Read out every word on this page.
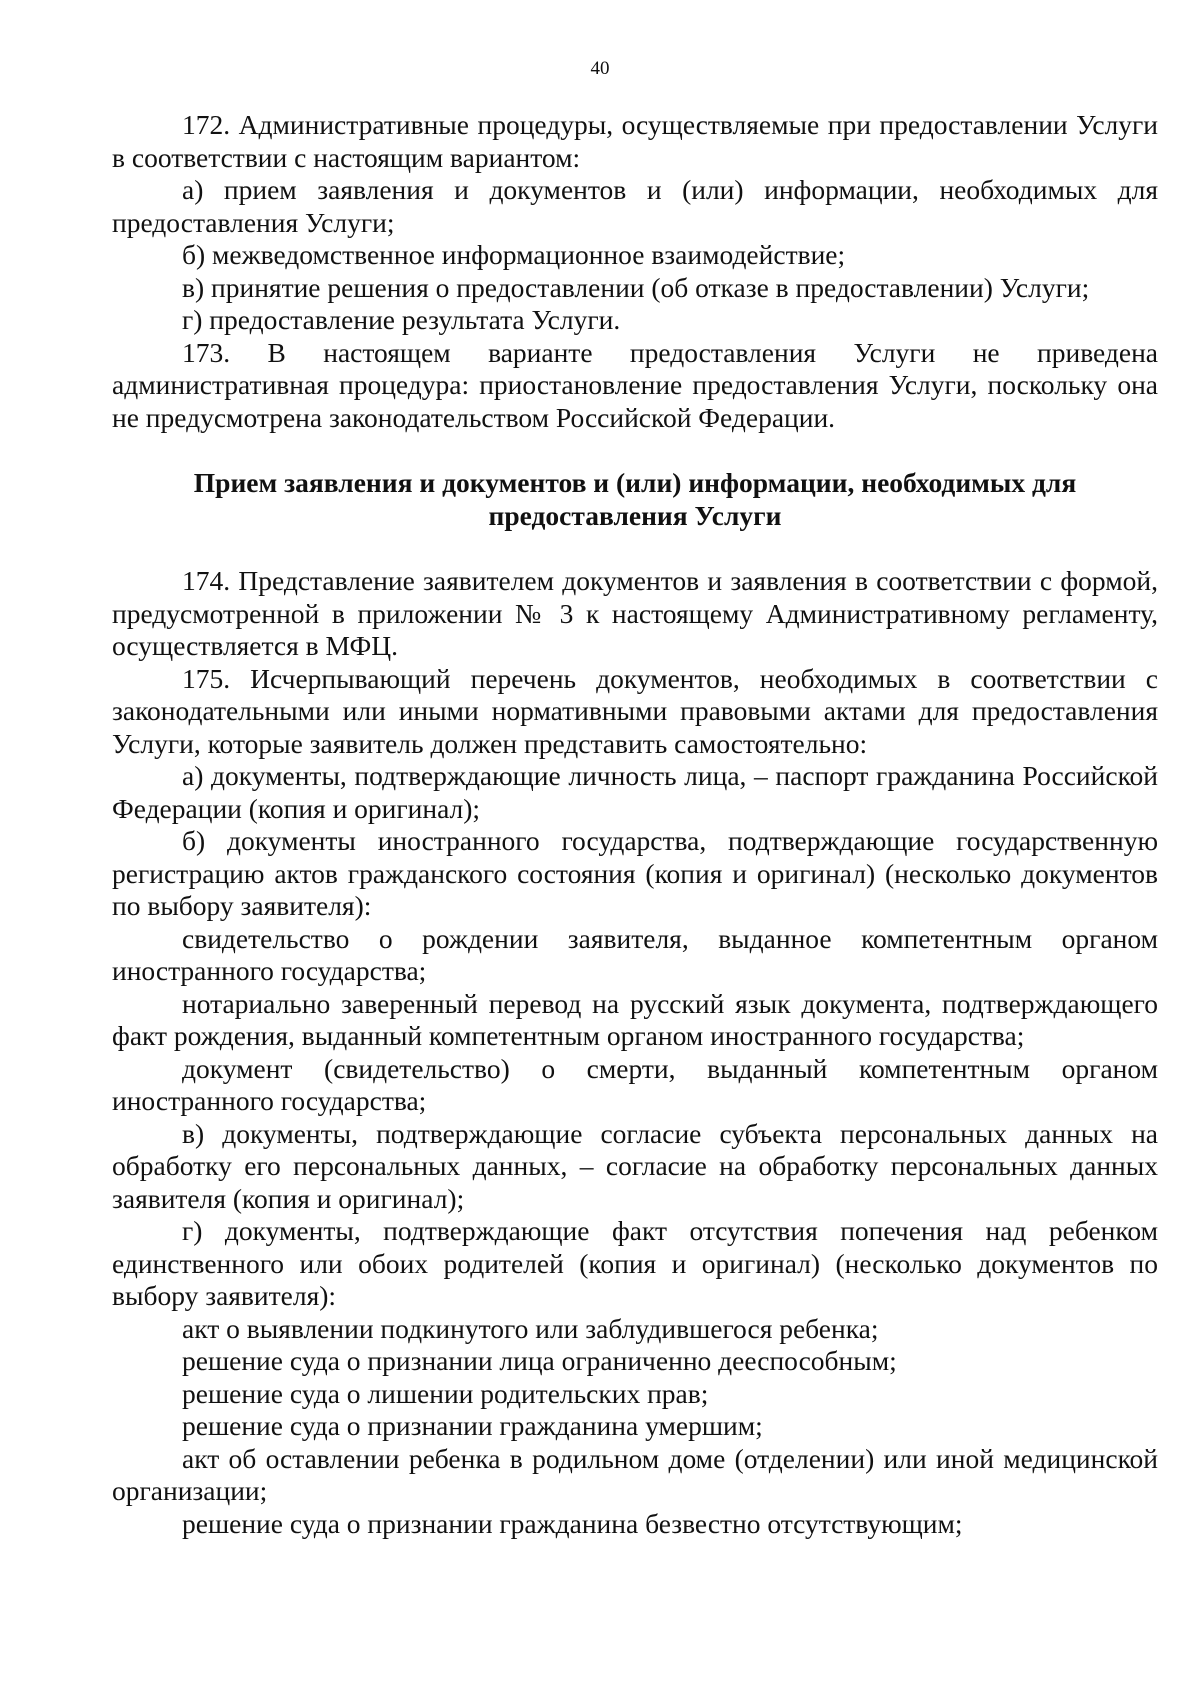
40

172. Административные процедуры, осуществляемые при предоставлении Услуги в соответствии с настоящим вариантом:

а) прием заявления и документов и (или) информации, необходимых для предоставления Услуги;

б) межведомственное информационное взаимодействие;

в) принятие решения о предоставлении (об отказе в предоставлении) Услуги;

г) предоставление результата Услуги.

173. В настоящем варианте предоставления Услуги не приведена административная процедура: приостановление предоставления Услуги, поскольку она не предусмотрена законодательством Российской Федерации.

Прием заявления и документов и (или) информации, необходимых для предоставления Услуги

174. Представление заявителем документов и заявления в соответствии с формой, предусмотренной в приложении № 3 к настоящему Административному регламенту, осуществляется в МФЦ.

175. Исчерпывающий перечень документов, необходимых в соответствии с законодательными или иными нормативными правовыми актами для предоставления Услуги, которые заявитель должен представить самостоятельно:

а) документы, подтверждающие личность лица, – паспорт гражданина Российской Федерации (копия и оригинал);

б) документы иностранного государства, подтверждающие государственную регистрацию актов гражданского состояния (копия и оригинал) (несколько документов по выбору заявителя):

свидетельство о рождении заявителя, выданное компетентным органом иностранного государства;

нотариально заверенный перевод на русский язык документа, подтверждающего факт рождения, выданный компетентным органом иностранного государства;

документ (свидетельство) о смерти, выданный компетентным органом иностранного государства;

в) документы, подтверждающие согласие субъекта персональных данных на обработку его персональных данных, – согласие на обработку персональных данных заявителя (копия и оригинал);

г) документы, подтверждающие факт отсутствия попечения над ребенком единственного или обоих родителей (копия и оригинал) (несколько документов по выбору заявителя):

акт о выявлении подкинутого или заблудившегося ребенка;

решение суда о признании лица ограниченно дееспособным;

решение суда о лишении родительских прав;

решение суда о признании гражданина умершим;

акт об оставлении ребенка в родильном доме (отделении) или иной медицинской организации;

решение суда о признании гражданина безвестно отсутствующим;
